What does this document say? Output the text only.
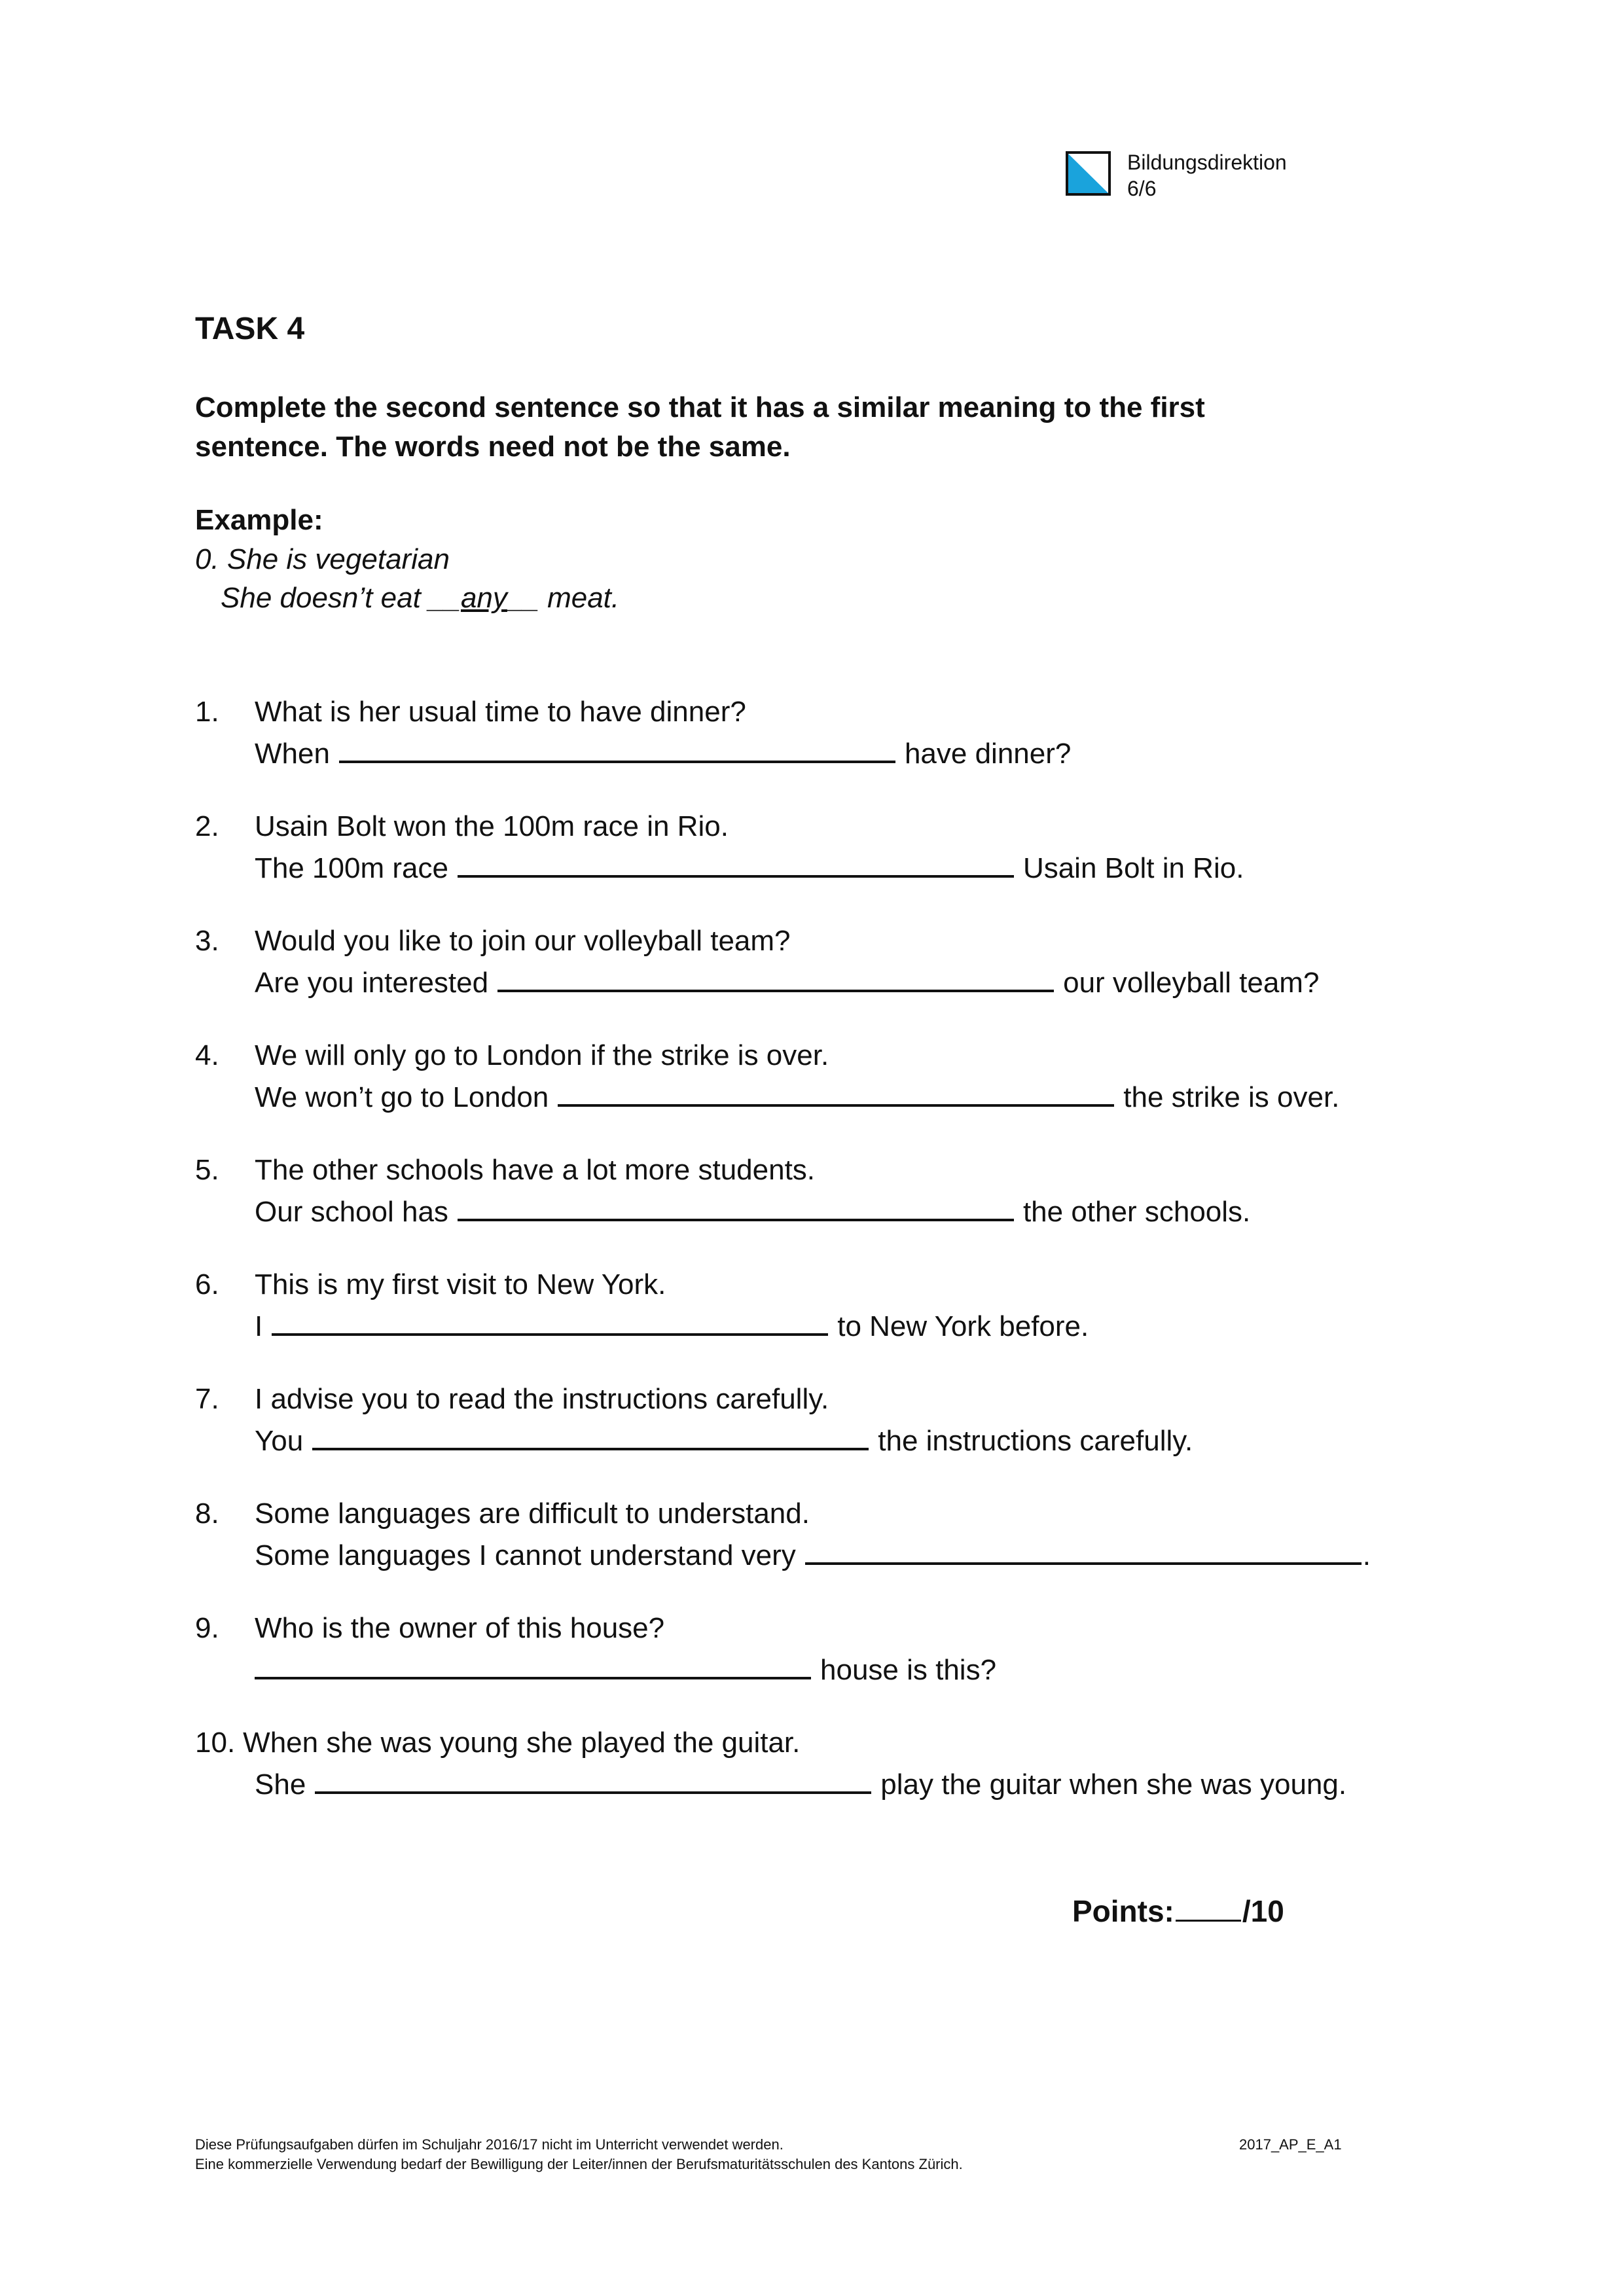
Bildungsdirektion
6/6
TASK 4
Complete the second sentence so that it has a similar meaning to the first
sentence. The words need not be the same.
Example:
0. She is vegetarian
She doesn’t eat __any__ meat.
1. What is her usual time to have dinner?
When	have dinner?
2. Usain Bolt won the 100m race in Rio.
The 100m race	Usain Bolt in Rio.
3. Would you like to join our volleyball team?
Are you interested	our volleyball team?
4. We will only go to London if the strike is over.
We won’t go to London	the strike is over.
5. The other schools have a lot more students.
Our school has	the other schools.
6. This is my first visit to New York.
I	to New York before.
7. I advise you to read the instructions carefully.
You	the instructions carefully.
8. Some languages are difficult to understand.
Some languages I cannot understand very	.
9. Who is the owner of this house?
house is this?
10. When she was young she played the guitar.
She	play the guitar when she was young.
Points: /10
Diese Prüfungsaufgaben dürfen im Schuljahr 2016/17 nicht im Unterricht verwendet werden.
Eine kommerzielle Verwendung bedarf der Bewilligung der Leiter/innen der Berufsmaturitätsschulen des Kantons Zürich.
2017_AP_E_A1
